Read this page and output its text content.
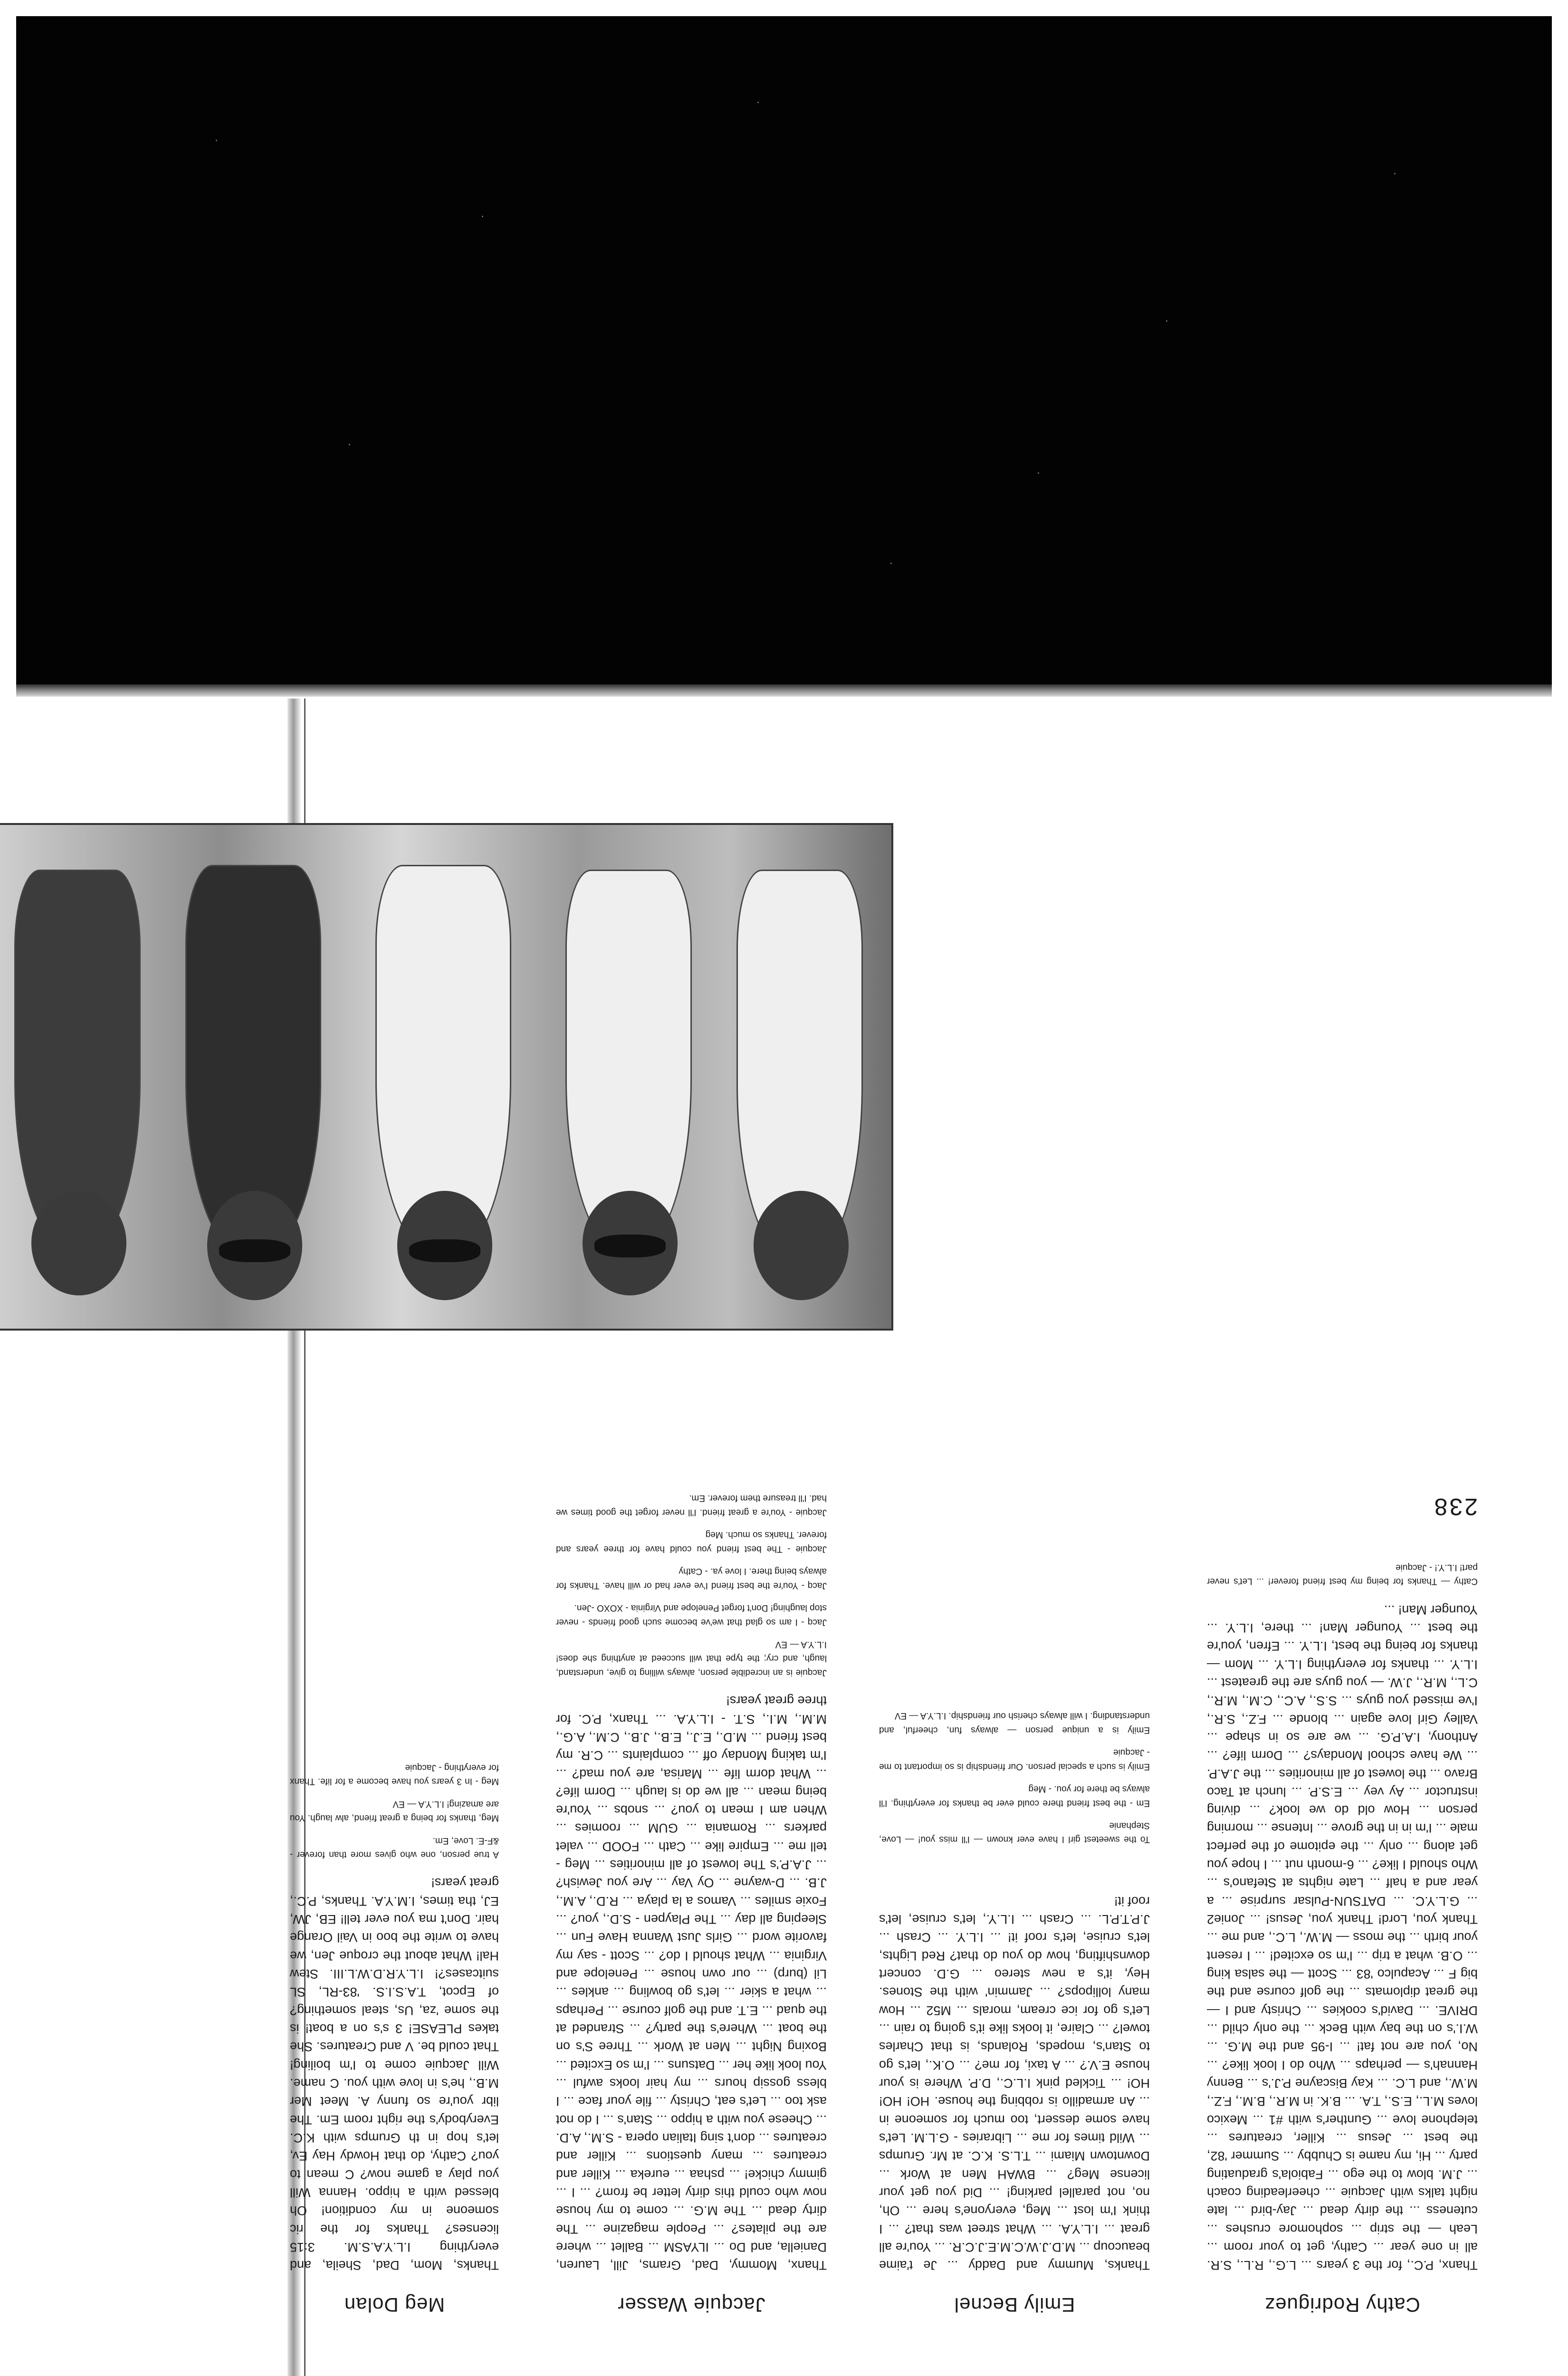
238
Cathy Rodriguez

Thanx, P.C., for the 3 years ... L.G., R.L., S.R. all in one year ... Cathy, get to your room ... Leah — the strip ... sophomore crushes ... cuteness ... the dirty dead ... Jay-bird ... late night talks with Jacquie ... cheerleading coach ... J.M. blow to the ego ... Fabiola's graduating party ... Hi, my name is Chubby ... Summer '82, the best ... Jesus ... Killer, creatures ... telephone love ... Gunther's with #1 ... Mexico loves M.L., E.S., T.A. ... B.K. in M.R., B.M., F.Z., M.W., and L.C. ... Kay Biscayne P.J.'s ... Benny Hannah's — perhaps ... Who do I look like? ... No, you are not fat! ... I-95 and the M.G. ... W.I.'s on the bay with Beck ... the only child ... DRIVE. ... David's cookies ... Christy and I — the great diplomats ... the golf course and the big F ... Acapulco '83 ... Scott — the salsa king ... O.B. what a trip ... I'm so excited! ... I resent your birth ... the moss — M.W., L.C., and me ... Thank you, Lord! Thank you, Jesus! ... Jonie2 ... G.L.Y.C. ... DATSUN-Pulsar surprise ... a year and a half ... Late nights at Stefano's ... Who should I like? ... 6-month nut ... I hope you get along ... only ... the epitome of the perfect male ... I'm in in the grove ... Intense ... morning person ... How old do we look? ... diving instructor ... Ay vey ... E.S.P. ... lunch at Taco Bravo ... the lowest of all minorities ... the J.A.P. ... We have school Mondays? ... Dorm life? ... Anthony, I.A.P.G. ... we are so in shape ... Valley Girl love again ... blonde ... F.Z., S.R., I've missed you guys ... S.S., A.C., C.M., M.R., C.L., M.R., J.W. — you guys are the greatest ... I.L.Y. ... thanks for everything I.L.Y. ... Mom — thanks for being the best, I.L.Y. ... Efren, you're the best ... Younger Man! ... there, I.L.Y. ... Younger Man! ...

Cathy — Thanks for being my best friend forever! ... Let's never part! I.L.Y.! - Jacquie

Emily Becnel

Thanks, Mummy and Daddy ... Je t'aime beaucoup ... M.D.J.W.C.M.E.J.C.R. ... You're all great ... I.L.Y.A. ... What street was that? ... I think I'm lost ... Meg, everyone's here ... Oh, no, not parallel parking! ... Did you get your license Meg? ... BWAH Men at Work ... Downtown Miami ... T.L.S. K.C. at Mr. Grumps ... Wild times for me ... Libraries - G.L.M. Let's have some dessert, too much for someone in ... An armadillo is robbing the house. HO! HO! HO! ... Tickled pink I.L.C., D.P. Where is your house E.V.? ... A taxi, for me? ... O.K., let's go to Stan's, mopeds, Rolands, is that Charles towel? ... Claire, it looks like it's going to rain ... Let's go for ice cream, morals ... M52 ... How many lollipops? ... Jammin' with the Stones. Hey, it's a new stereo ... G.D. concert downshifting, how do you do that? Red Lights, let's cruise, let's roof it! ... I.L.Y. ... Crash ... J.P.T.P.L. ... Crash ... I.L.Y., let's cruise, let's roof it!

To the sweetest girl I have ever known — I'll miss you! — Love, Stephanie

Em - the best friend there could ever be thanks for everything. I'll always be there for you. - Meg

Emily is such a special person. Our friendship is so important to me - Jacquie

Emily is a unique person — always fun, cheerful, and understanding. I will always cherish our friendship. I.L.Y.A — EV

Jacquie Wasser

Thanx, Mommy, Dad, Grams, Jill, Lauren, Daniella, and Do ... ILYASM ... Ballet ... where are the pilates? ... People magazine ... The dirty dead ... The M.G. ... come to my house now who could this dirty letter be from? ... I ... gimmy chicke! ... pshaa ... eureka ... Killer and creatures ... many questions ... Killer and creatures ... don't sing Italian opera - S.M., A.D. ... Cheese you with a hippo ... Stan's ... I do not ask too ... Let's eat, Christy ... file your face ... I bless gossip hours ... my hair looks awful ... You look like her ... Datsuns ... I'm so Excited ... Boxing Night ... Men at Work ... Three S's on the boat ... Where's the party? ... Stranded at the quad ... E.T. and the golf course ... Perhaps ... what a skier ... let's go bowling ... ankles ... Lil (burp) ... our own house ... Penelope and Virginia ... What should I do? ... Scott - say my favorite word ... Girls Just Wanna Have Fun ... Sleeping all day ... The Playpen - S.D., you? ... Foxie smiles ... Vamos a la playa ... R.D., A.M., J.B. ... D-wayne ... Oy Vay ... Are you Jewish? ... J.A.P.'s The lowest of all minorities ... Meg - tell me ... Empire like ... Cath ... FOOD ... valet parkers ... Romania ... GUM ... roomies ... When am I mean to you? ... snobs ... You're being mean ... all we do is laugh ... Dorm life? ... What dorm life ... Marisa, are you mad? ... I'm taking Monday off ... complaints ... C.R. my best friend ... M.D., E.J., E.B., J.B., C.M., A.G., M.M., M.I., S.T. - I.L.Y.A. ... Thanx, P.C. for three great years!

Jacquie is an incredible person, always willing to give, understand, laugh, and cry; the type that will succeed at anything she does! I.L.Y.A — EV

Jacq - I am so glad that we've become such good friends - never stop laughing! Don't forget Penelope and Virginia - XOXO -Jen.

Jacq - You're the best friend I've ever had or will have. Thanks for always being there. I love ya. - Cathy

Jacquie - The best friend you could have for three years and forever. Thanks so much. Meg

Jacquie - You're a great friend. I'll never forget the good times we had. I'll treasure them forever. Em.

Meg Dolan

Thanks, Mom, Dad, Sheila, and everything I.L.Y.A.S.M. 3:15 licenses? Thanks for the ric someone in my condition! Oh blessed with a hippo. Hanna Will you play a game now? C mean to you? Cathy, do that Howdy Hay Ev, let's hop in th Grumps with K.C. Everybody's the right room Em. The libr you're so funny A. Meet Mer M.B., he's in love with you. C name. Will Jacquie come to I'm boiling! That could be. V and Creatures. She takes PLEASE! 3 s's on a boat! is the some 'za, Us, steal something? of Epcot, T.A.S.I.S. '83-RL, SL suitcases?! I.L.Y.R.D.W.L.III. Stew Hal! What about the croque Jen, we have to write the boo in Vail Orange hair. Don't ma you ever tell! EB, JW, EJ, tha times, I.M.Y.A. Thanks, P.C., great years!

A true person, one who gives more than forever -&F-E. Love, Em.

Meg, thanks for being a great friend, alw laugh. You are amazing! I.L.Y.A — EV

Meg - In 3 years you have become a for life. Thanx for everything - Jacquie
